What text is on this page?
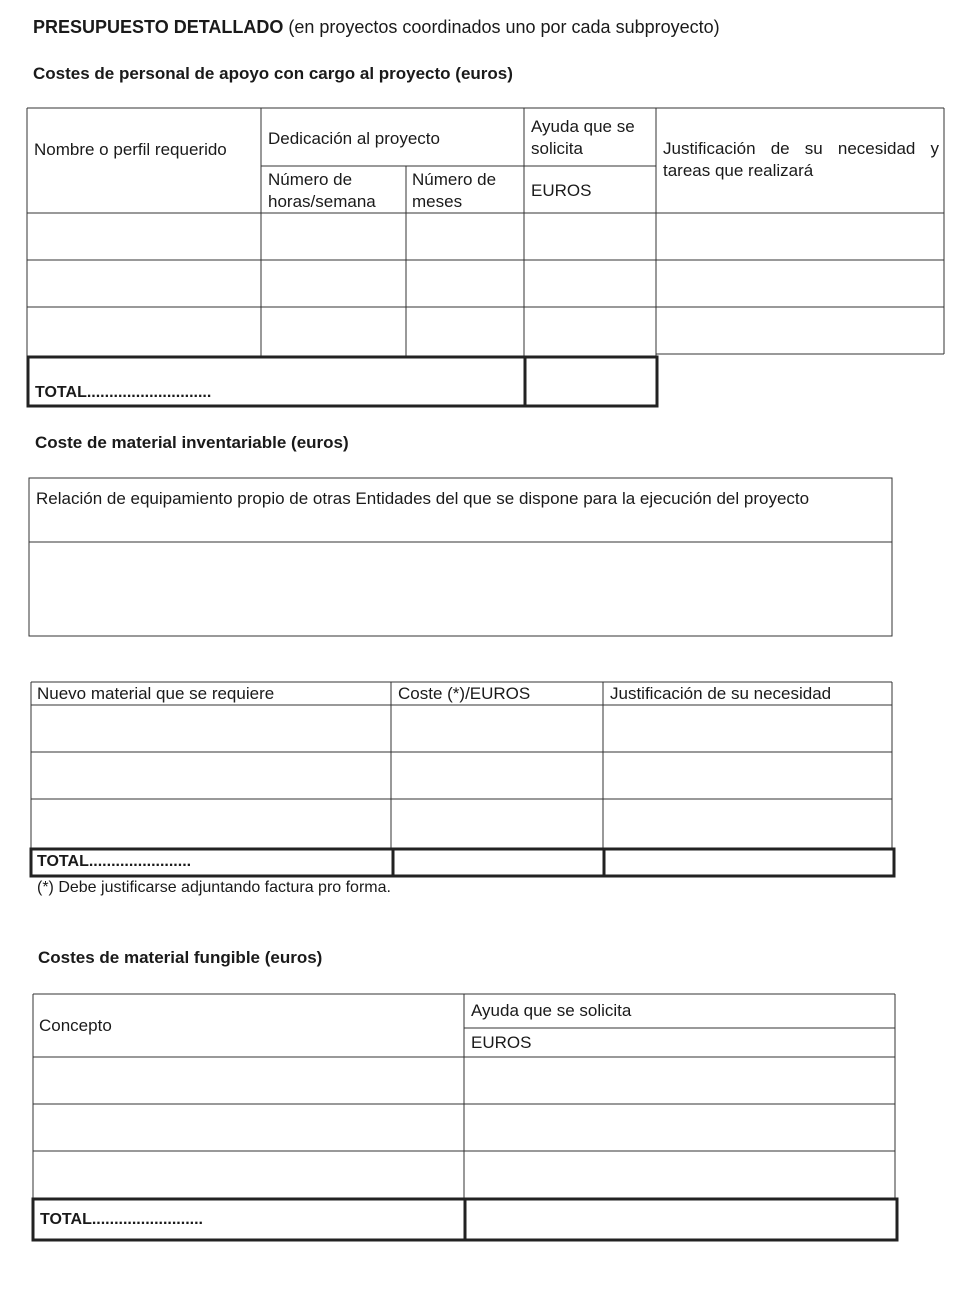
PRESUPUESTO DETALLADO (en proyectos coordinados uno por cada subproyecto)
Costes de personal de apoyo con cargo al proyecto (euros)
Nombre o perfil requerido
Dedicación al proyecto
Número de horas/semana
Número de meses
Ayuda que se solicita
EUROS
Justificación de su necesidad y tareas que realizará
TOTAL............................
Coste de material inventariable (euros)
Relación de equipamiento propio de otras Entidades del que se dispone para la ejecución del proyecto
Nuevo material que se requiere	Coste (*)/EUROS	Justificación de su necesidad
TOTAL.......................
(*) Debe justificarse adjuntando factura pro forma.
Costes de material fungible (euros)
Concepto
Ayuda que se solicita
EUROS
TOTAL.........................
